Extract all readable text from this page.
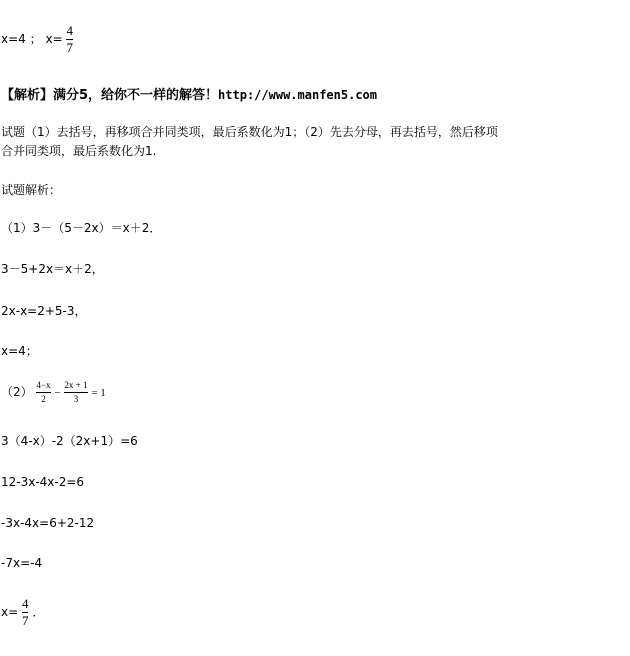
x=4 ； $x= \frac{4}{7}$
【解析】满分5，给你不一样的解答！http://www.manfen5.com
试题（1）去括号，再移项合并同类项，最后系数化为1；（2）先去分母，再去括号，然后移项
合并同类项，最后系数化为1.
试题解析：
（1）3－（5－2x）＝x＋2．
3－5+2x＝x＋2，
2x-x=2+5-3，
x=4；
$(2) \frac{4-x}{2} - \frac{2x + 1}{3} = 1$
3（4-x）-2（2x+1）=6
12-3x-4x-2=6
-3x-4x=6+2-12
-7x=-4
$x= \frac{4}{7}$ ．
